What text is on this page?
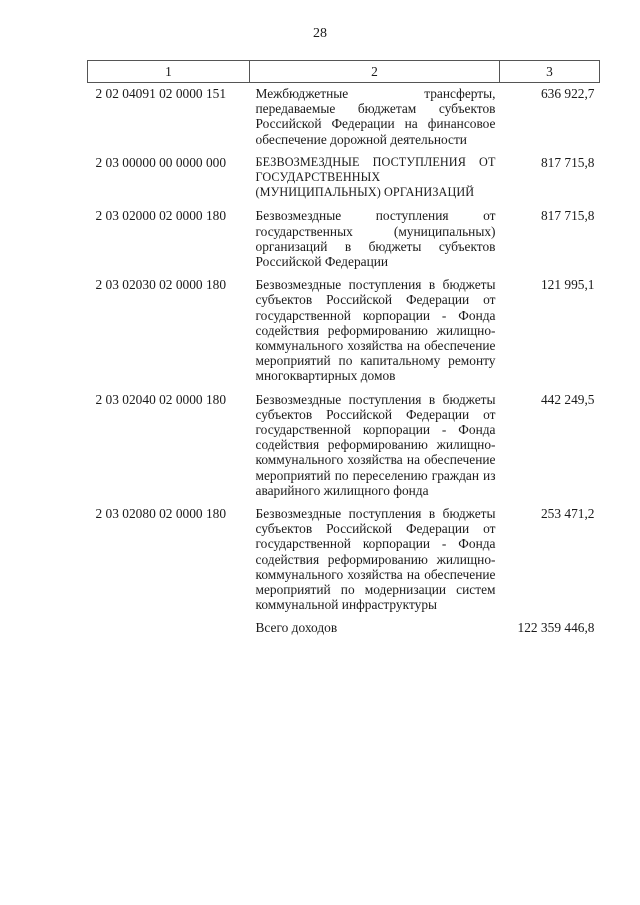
28
1	2	3
2 02 04091 02 0000 151	Межбюджетные трансферты, передаваемые бюджетам субъектов Российской Федерации на финансовое обеспечение дорожной деятельности	636 922,7
2 03 00000 00 0000 000	БЕЗВОЗМЕЗДНЫЕ ПОСТУПЛЕНИЯ ОТ ГОСУДАРСТВЕННЫХ (МУНИЦИПАЛЬНЫХ) ОРГАНИЗАЦИЙ	817 715,8
2 03 02000 02 0000 180	Безвозмездные поступления от государственных (муниципальных) организаций в бюджеты субъектов Российской Федерации	817 715,8
2 03 02030 02 0000 180	Безвозмездные поступления в бюджеты субъектов Российской Федерации от государственной корпорации - Фонда содействия реформированию жилищно-коммунального хозяйства на обеспечение мероприятий по капитальному ремонту многоквартирных домов	121 995,1
2 03 02040 02 0000 180	Безвозмездные поступления в бюджеты субъектов Российской Федерации от государственной корпорации - Фонда содействия реформированию жилищно-коммунального хозяйства на обеспечение мероприятий по переселению граждан из аварийного жилищного фонда	442 249,5
2 03 02080 02 0000 180	Безвозмездные поступления в бюджеты субъектов Российской Федерации от государственной корпорации - Фонда содействия реформированию жилищно-коммунального хозяйства на обеспечение мероприятий по модернизации систем коммунальной инфраструктуры	253 471,2
	Всего доходов	122 359 446,8
